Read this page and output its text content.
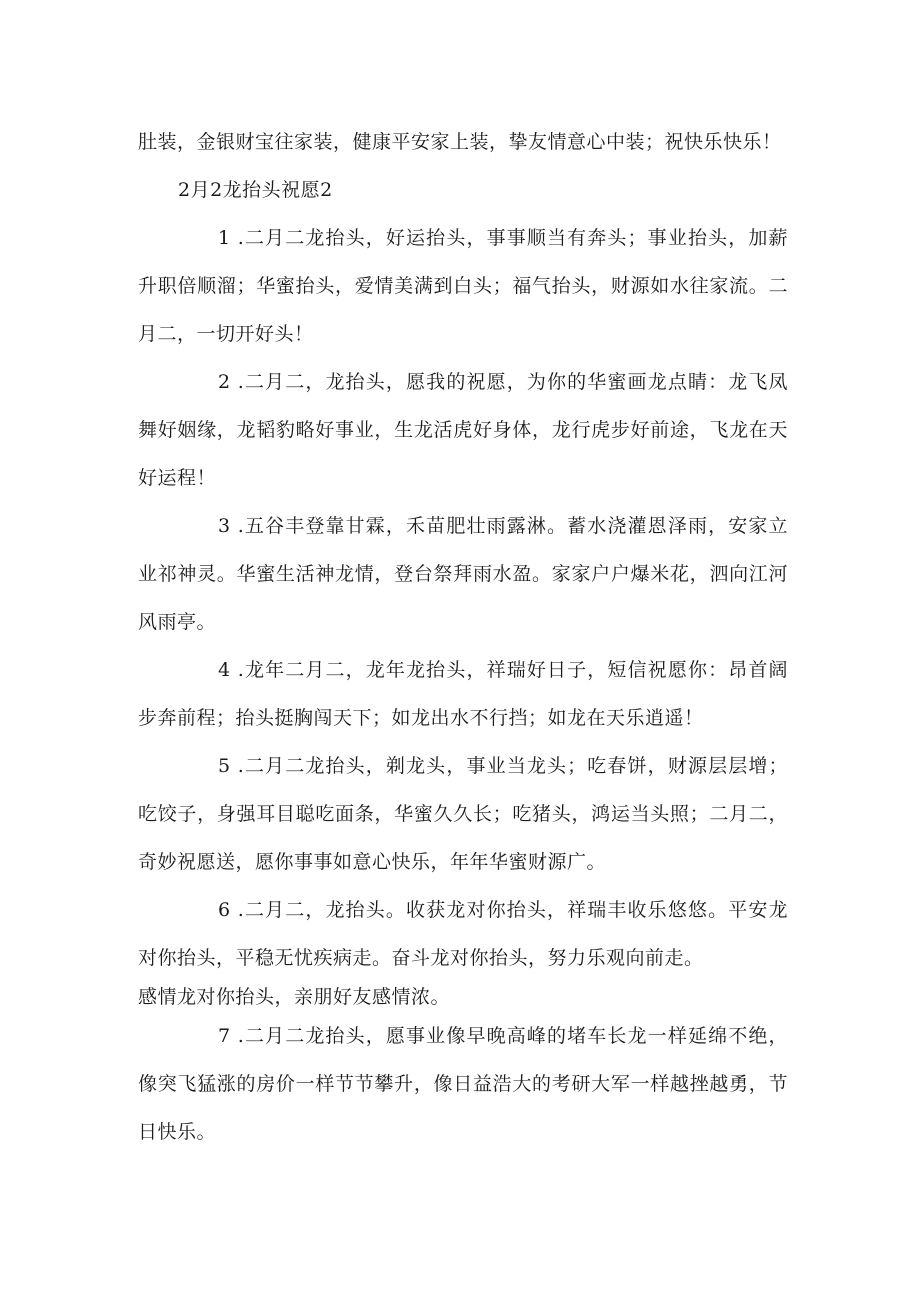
肚装，金银财宝往家装，健康平安家上装，挚友情意心中装；祝快乐快乐！

2月2龙抬头祝愿2

1 .二月二龙抬头，好运抬头，事事顺当有奔头；事业抬头，加薪升职倍顺溜；华蜜抬头，爱情美满到白头；福气抬头，财源如水往家流。二月二，一切开好头！

2 .二月二，龙抬头，愿我的祝愿，为你的华蜜画龙点睛：龙飞凤舞好姻缘，龙韬豹略好事业，生龙活虎好身体，龙行虎步好前途，飞龙在天好运程！

3 .五谷丰登靠甘霖，禾苗肥壮雨露淋。蓄水浇灌恩泽雨，安家立业祁神灵。华蜜生活神龙情，登台祭拜雨水盈。家家户户爆米花，泗向江河风雨亭。

4 .龙年二月二，龙年龙抬头，祥瑞好日子，短信祝愿你：昂首阔步奔前程；抬头挺胸闯天下；如龙出水不行挡；如龙在天乐逍遥！

5 .二月二龙抬头，剃龙头，事业当龙头；吃春饼，财源层层增；吃饺子，身强耳目聪吃面条，华蜜久久长；吃猪头，鸿运当头照；二月二，奇妙祝愿送，愿你事事如意心快乐，年年华蜜财源广。

6 .二月二，龙抬头。收获龙对你抬头，祥瑞丰收乐悠悠。平安龙对你抬头，平稳无忧疾病走。奋斗龙对你抬头，努力乐观向前走。

感情龙对你抬头，亲朋好友感情浓。

7 .二月二龙抬头，愿事业像早晚高峰的堵车长龙一样延绵不绝，像突飞猛涨的房价一样节节攀升，像日益浩大的考研大军一样越挫越勇，节日快乐。
